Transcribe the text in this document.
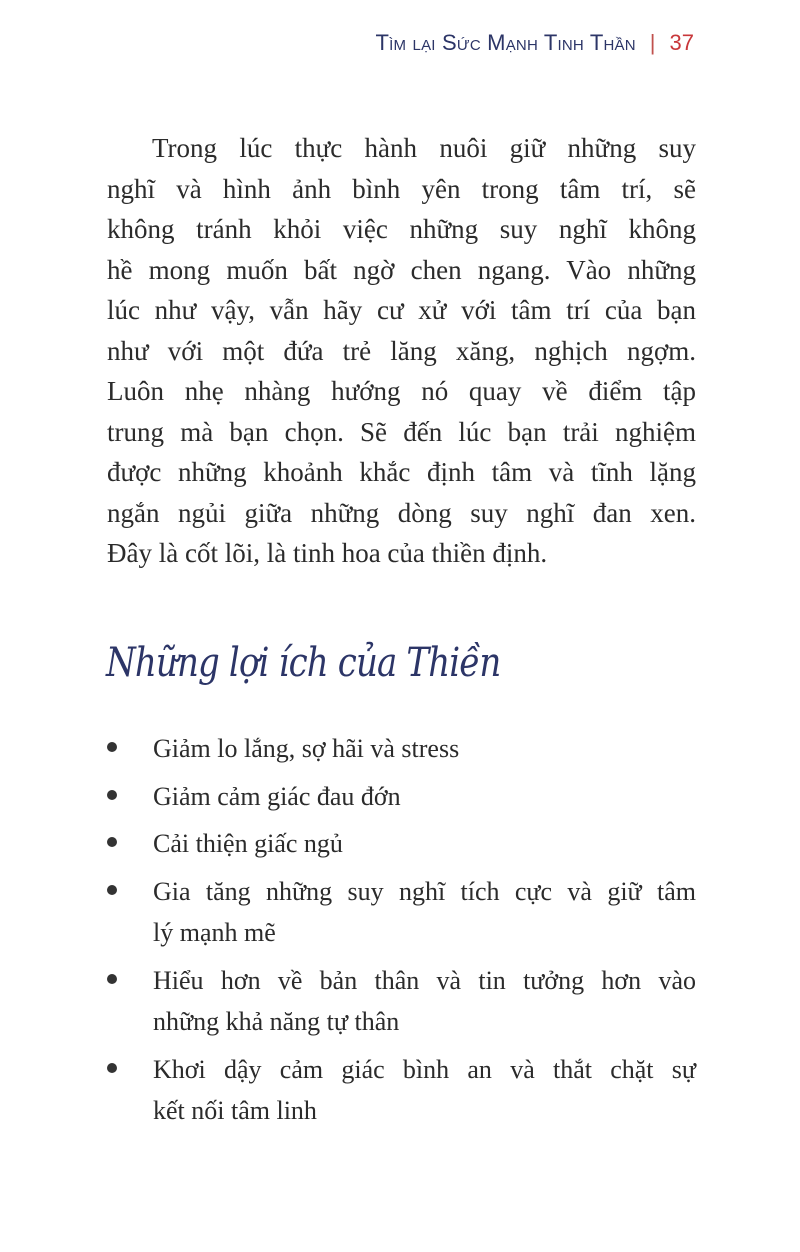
Tìm lại Sức Mạnh Tinh Thần | 37
Trong lúc thực hành nuôi giữ những suy
nghĩ và hình ảnh bình yên trong tâm trí, sẽ
không tránh khỏi việc những suy nghĩ không
hề mong muốn bất ngờ chen ngang. Vào những
lúc như vậy, vẫn hãy cư xử với tâm trí của bạn
như với một đứa trẻ lăng xăng, nghịch ngợm.
Luôn nhẹ nhàng hướng nó quay về điểm tập
trung mà bạn chọn. Sẽ đến lúc bạn trải nghiệm
được những khoảnh khắc định tâm và tĩnh lặng
ngắn ngủi giữa những dòng suy nghĩ đan xen.
Đây là cốt lõi, là tinh hoa của thiền định.
Những lợi ích của Thiền
Giảm lo lắng, sợ hãi và stress
Giảm cảm giác đau đớn
Cải thiện giấc ngủ
Gia tăng những suy nghĩ tích cực và giữ tâm
lý mạnh mẽ
Hiểu hơn về bản thân và tin tưởng hơn vào
những khả năng tự thân
Khơi dậy cảm giác bình an và thắt chặt sự
kết nối tâm linh
